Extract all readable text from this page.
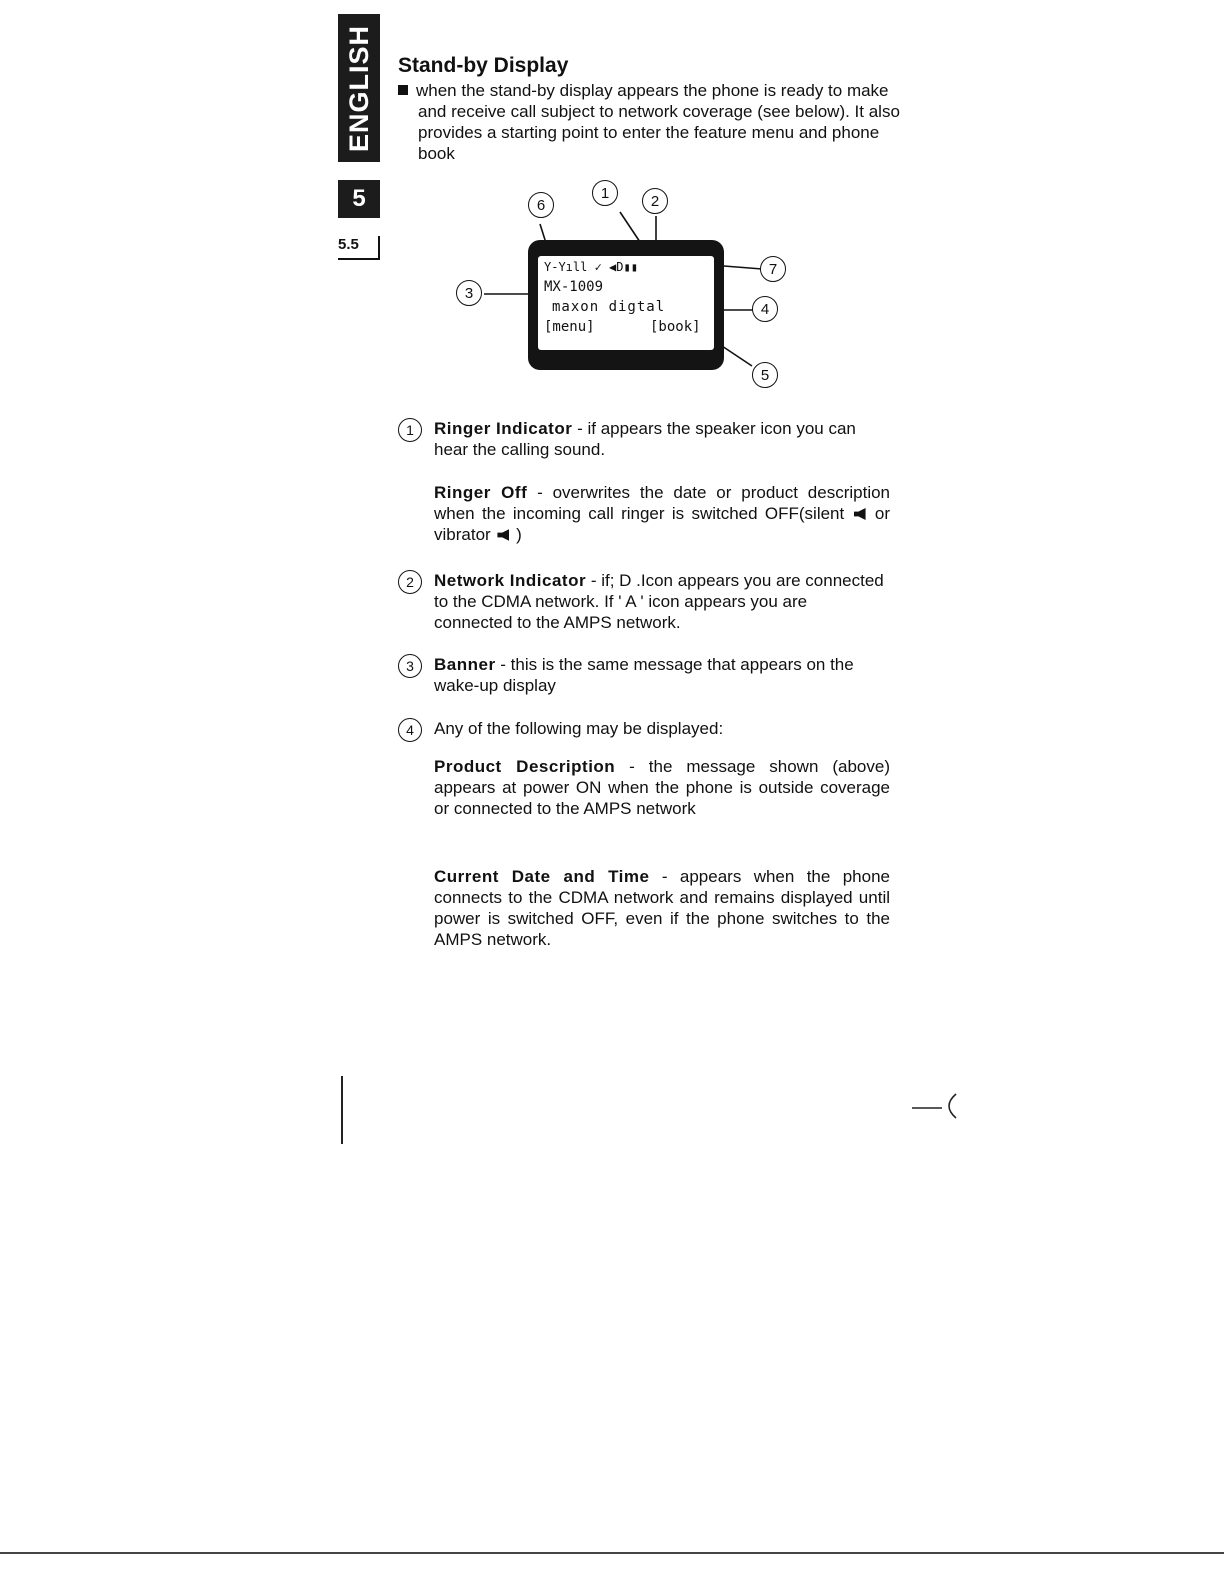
ENGLISH
5
5.5
Stand-by Display
when the stand-by display appears the phone is ready to make and receive call subject to network coverage (see below). It also provides a starting point to enter the feature menu and phone book
Y-Yıll ✓ ◀D▮▮
MX-1009
maxon digtal
[menu]	[book]
6
1	2
3
7
4
5
1	Ringer Indicator - if appears the speaker icon you can hear the calling sound.
Ringer Off - overwrites the date or product description when the incoming call ringer is switched OFF(silent  or vibrator  )
2	Network Indicator - if; D .Icon appears you are connected to the CDMA network. If ' A ' icon appears you are connected to the AMPS network.
3	Banner - this is the same message that appears on the wake-up display
4	Any of the following may be displayed:
Product Description - the message shown (above) appears at power ON when the phone is outside coverage or connected to the AMPS network
Current Date and Time - appears when the phone connects to the CDMA network and remains displayed until power is switched OFF, even if the phone switches to the AMPS network.
